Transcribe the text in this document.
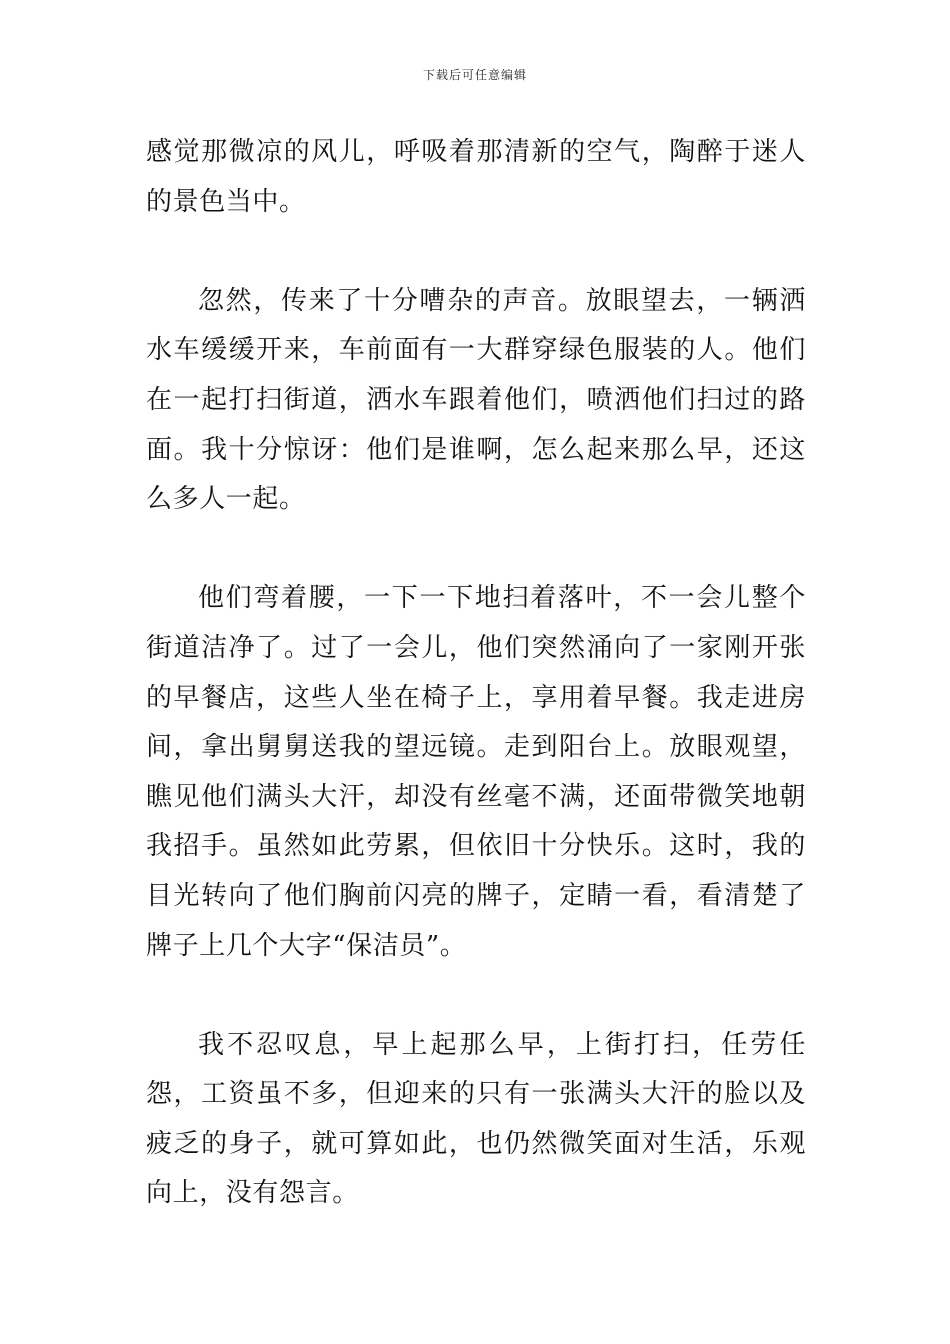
下载后可任意编辑

感觉那微凉的风儿，呼吸着那清新的空气，陶醉于迷人的景色当中。

忽然，传来了十分嘈杂的声音。放眼望去，一辆洒水车缓缓开来，车前面有一大群穿绿色服装的人。他们在一起打扫街道，洒水车跟着他们，喷洒他们扫过的路面。我十分惊讶：他们是谁啊，怎么起来那么早，还这么多人一起。

他们弯着腰，一下一下地扫着落叶，不一会儿整个街道洁净了。过了一会儿，他们突然涌向了一家刚开张的早餐店，这些人坐在椅子上，享用着早餐。我走进房间，拿出舅舅送我的望远镜。走到阳台上。放眼观望，瞧见他们满头大汗，却没有丝毫不满，还面带微笑地朝我招手。虽然如此劳累，但依旧十分快乐。这时，我的目光转向了他们胸前闪亮的牌子，定睛一看，看清楚了牌子上几个大字“保洁员”。

我不忍叹息，早上起那么早，上街打扫，任劳任怨，工资虽不多，但迎来的只有一张满头大汗的脸以及疲乏的身子，就可算如此，也仍然微笑面对生活，乐观向上，没有怨言。
